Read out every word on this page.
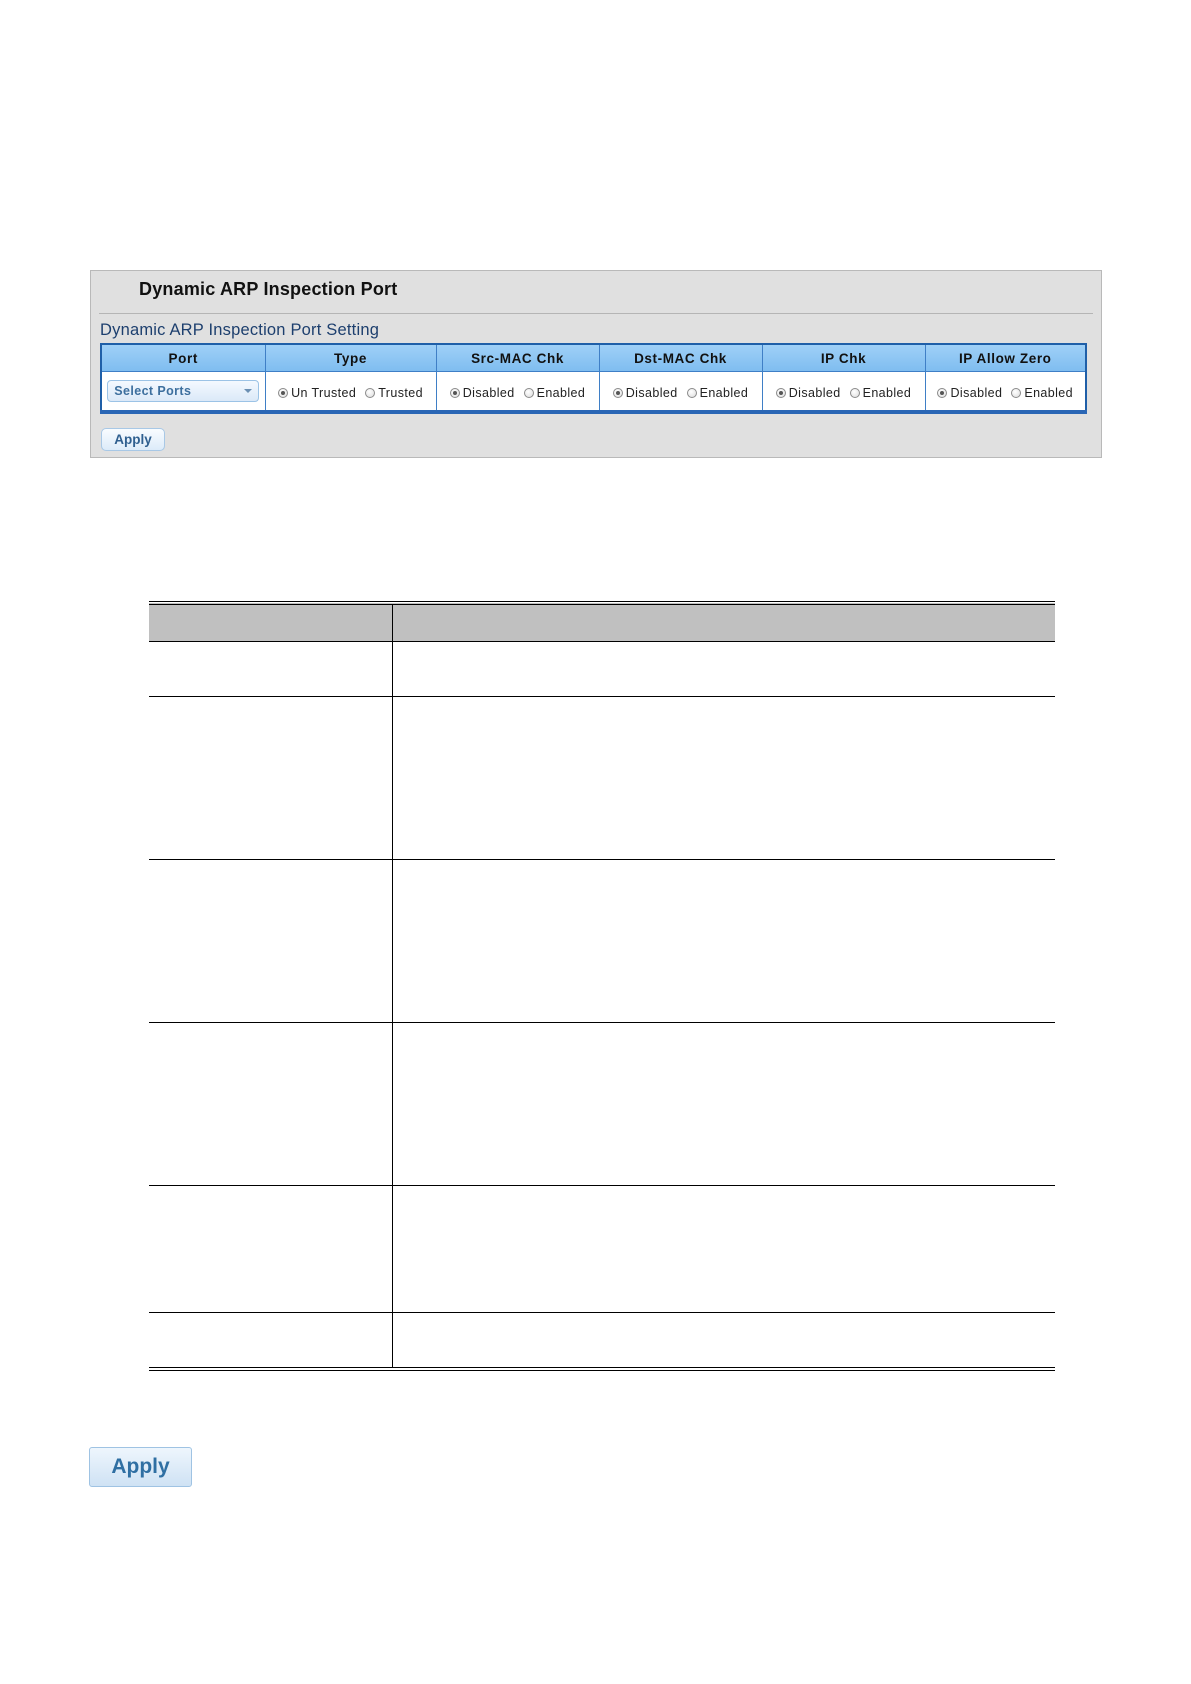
Dynamic ARP Inspection Port
Dynamic ARP Inspection Port Setting
Port	Type	Src-MAC Chk	Dst-MAC Chk	IP Chk	IP Allow Zero

Select Ports	Un Trusted Trusted	Disabled Enabled	Disabled Enabled	Disabled Enabled	Disabled Enabled
Apply

Apply
